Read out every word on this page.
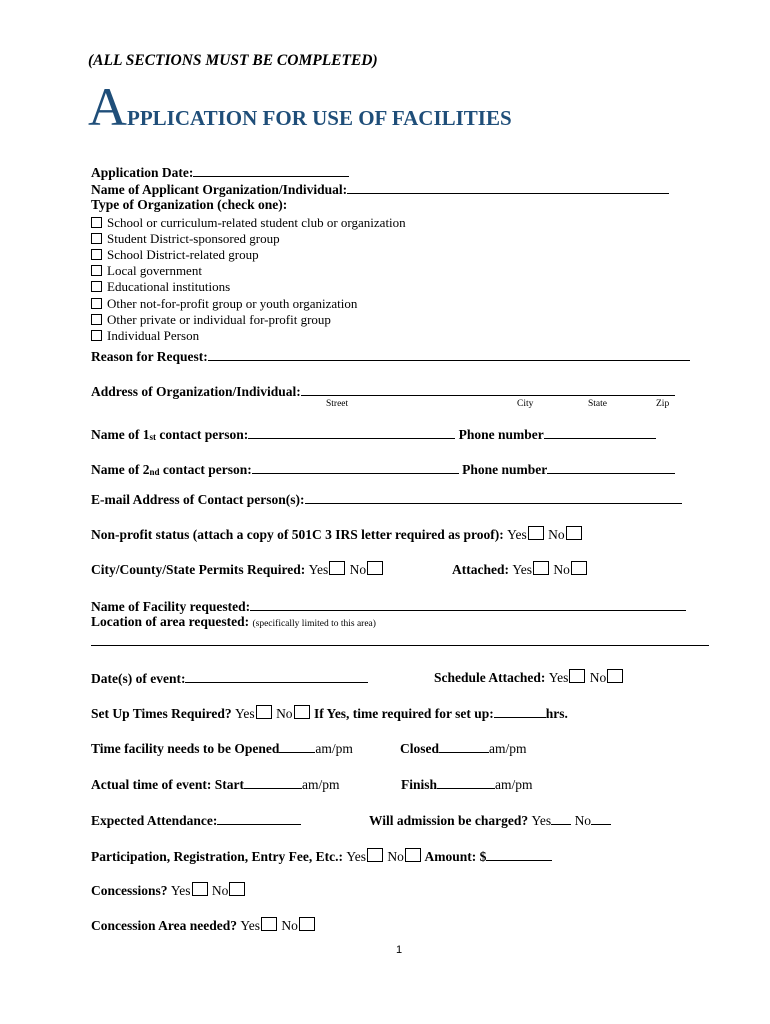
(ALL SECTIONS MUST BE COMPLETED)
APPLICATION FOR USE OF FACILITIES
Application Date:
Name of Applicant Organization/Individual:
Type of Organization (check one):
School or curriculum-related student club or organization
Student District-sponsored group
School District-related group
Local government
Educational institutions
Other not-for-profit group or youth organization
Other private or individual for-profit group
Individual Person
Reason for Request:
Address of Organization/Individual:
Street	City	State	Zip
Name of 1st contact person:	Phone number
Name of 2nd contact person:	Phone number
E-mail Address of Contact person(s):
Non-profit status (attach a copy of 501C 3 IRS letter required as proof): Yes No
City/County/State Permits Required: Yes No	Attached: Yes No
Name of Facility requested:
Location of area requested: (specifically limited to this area)
Date(s) of event:	Schedule Attached: Yes No
Set Up Times Required? Yes No If Yes, time required for set up:	hrs.
Time facility needs to be Opened	am/pm	Closed	am/pm
Actual time of event: Start	am/pm	Finish	am/pm
Expected Attendance:	Will admission be charged? Yes No
Participation, Registration, Entry Fee, Etc.: Yes No Amount: $
Concessions? Yes No
Concession Area needed? Yes No
1
